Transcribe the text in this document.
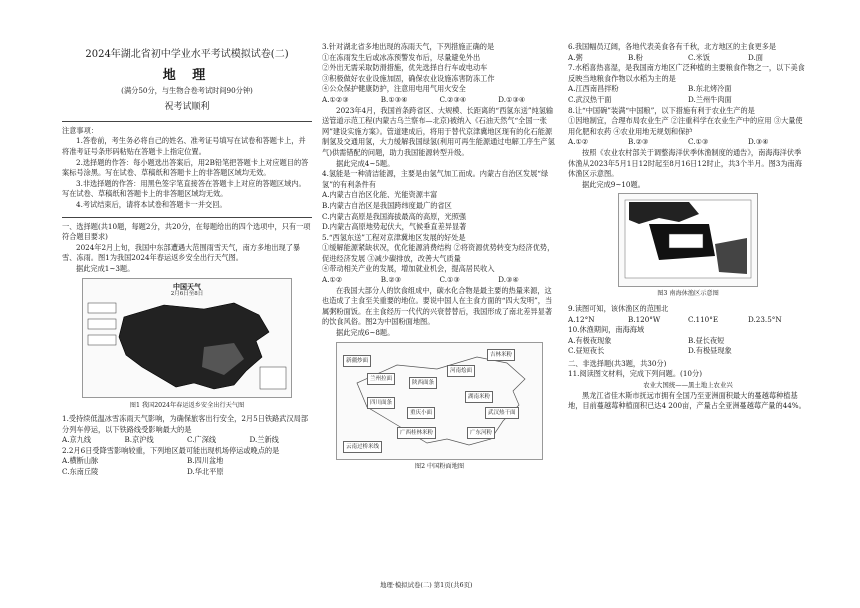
2024年湖北省初中学业水平考试模拟试卷(二)
地 理
(满分50分，与生物合卷考试时间90分钟)
祝考试顺利
注意事项：
1.答卷前，考生务必将自己的姓名、准考证号填写在试卷和答题卡上，并将准考证号条形码粘贴在答题卡上指定位置。
2.选择题的作答：每小题选出答案后，用2B铅笔把答题卡上对应题目的答案标号涂黑。写在试卷、草稿纸和答题卡上的非答题区域均无效。
3.非选择题的作答：用黑色签字笔直接答在答题卡上对应的答题区域内。写在试卷、草稿纸和答题卡上的非答题区域均无效。
4.考试结束后，请将本试卷和答题卡一并交回。
一、选择题(共10题，每题2分，共20分，在每题给出的四个选项中，只有一项符合题目要求)
2024年2月上旬，我国中东部遭遇大范围雨雪天气，南方多地出现了暴雪、冻雨。图1为我国2024年春运返乡安全出行天气图。
据此完成1~3题。
中国天气
2月6日至8日
图1 我国2024年春运返乡安全出行天气图
1.受持续低温冰雪冻雨天气影响，为确保旅客出行安全，2月5日铁路武汉局部分列车停运，以下铁路线受影响最大的是
A.京九线	B.京沪线	C.广深线	D.兰新线
2.2月6日受降雪影响较重，下列地区最可能出现机场停运或晚点的是
A.横断山脉	B.四川盆地
C.东南丘陵	D.华北平原
3.针对湖北省多地出现的冻雨天气，下列措施正确的是
①在冻雨发生后或冰冻预警发布后，尽量避免外出
②外出无需采取防滑措施，优先选择自行车或电动车
③积极做好农业设施加固，确保农业设施冻害防冻工作
④公众保护健康防护，注意用电用气用火安全
A.①②③	B.①③④	C.②③④	D.①③④
2023年4月，我国首条跨省区、大规模、长距离的“西氢东送”纯氢输送管道示范工程(内蒙古乌兰察布—北京)被纳入《石油天然气“全国一张网”建设实施方案》。管道建成后，将用于替代京津冀地区现有的化石能源制氢及交通用氢，大力缓解我国绿氢(利用可再生能源通过电解工序生产氢气)供需错配的问题，助力我国能源转型升级。
据此完成4~5题。
4.氢能是一种清洁能源，主要是由氢气加工而成。内蒙古自治区发展“绿氢”的有利条件有
A.内蒙古自治区化能、光能资源丰富
B.内蒙古自治区是我国跨纬度最广的省区
C.内蒙古高原是我国海拔最高的高原，光照强
D.内蒙古高原地势起伏大，气候垂直差异显著
5.“西氢东送”工程对京津冀地区发展的好处是
①缓解能源紧缺状况，优化能源消费结构 ②将资源优势转变为经济优势，促进经济发展 ③减少碳排放，改善大气质量
④带动相关产业的发展，增加就业机会，提高居民收入
A.①②	B.②③	C.①③	D.③④
在我国大部分人的饮食组成中，碳水化合物是最主要的热量来源，这也造成了主食至关重要的地位。要说中国人在主食方面的“四大发明”，当属粥粉面饭。在主食经历一代代的兴衰替替后，我国形成了南北差异显著的饮食风俗。图2为中国粉面地图。
据此完成6~8题。
吉林米粉
河南烩面
陕西面条
兰州拉面
湖南米粉
四川面条
重庆小面	武汉热干面
广西桂林米粉	广东河粉
云南过桥米线
新疆炒面
图2 中国粉面地图
6.我国幅员辽阔，各地代表美食各有千秋，北方地区的主食更多是
A.粥	B.粉	C.米饭	D.面
7.水稻喜热喜湿，是我国南方地区广泛种植的主要粮食作物之一，以下美食反映当地粮食作物以水稻为主的是
A.江西南昌拌粉	B.东北烤冷面
C.武汉热干面	D.兰州牛肉面
8.让“中国碗”装满“中国粮”，以下措施有利于农业生产的是
①因地制宜，合理布局农业生产 ②注重科学在农业生产中的应用 ③大量使用化肥和农药 ④农业用地无规划和保护
A.①②	B.②③	C.①③	D.③④
按照《农业农村部关于调整海洋伏季休渔制度的通告》，南海海洋伏季休渔从2023年5月1日12时起至8月16日12时止，共3个半月。图3为南海休渔区示意图。
据此完成9~10题。
图3 南海休渔区示意图
9.读图可知，该休渔区的范围北
A.12°N	B.120°W	C.110°E	D.23.5°N
10.休渔期间，南海海域
A.有极夜现象	B.昼长夜短
C.昼短夜长	D.有极昼现象
二、非选择题(共3题，共30分)
11.阅读图文材料，完成下列问题。(10分)
农业大国统——黑土地上农业兴
黑龙江省佳木斯市抚远市拥有全国乃至亚洲面积最大的蔓越莓种植基地，目前蔓越莓种植面积已达4 200亩，产量占全亚洲蔓越莓产量的44%。
地理·模拟试卷(二) 第1页(共6页)
